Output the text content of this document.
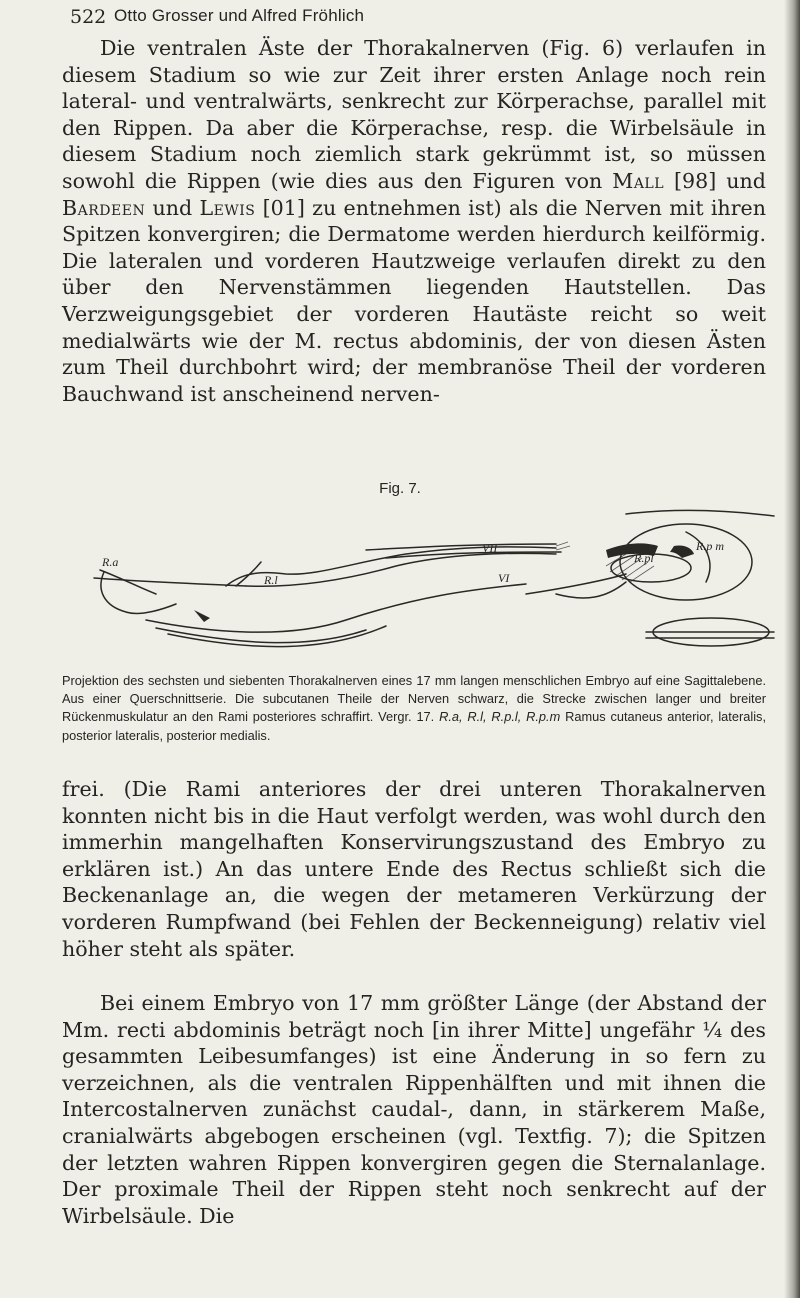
522 Otto Grosser und Alfred Fröhlich

Die ventralen Äste der Thorakalnerven (Fig. 6) verlaufen in diesem Stadium so wie zur Zeit ihrer ersten Anlage noch rein lateral- und ventralwärts, senkrecht zur Körperachse, parallel mit den Rippen. Da aber die Körperachse, resp. die Wirbelsäule in diesem Stadium noch ziemlich stark gekrümmt ist, so müssen sowohl die Rippen (wie dies aus den Figuren von Mall [98] und Bardeen und Lewis [01] zu entnehmen ist) als die Nerven mit ihren Spitzen konvergiren; die Dermatome werden hierdurch keilförmig. Die lateralen und vorderen Hautzweige verlaufen direkt zu den über den Nervenstämmen liegenden Hautstellen. Das Verzweigungsgebiet der vorderen Hautäste reicht so weit medialwärts wie der M. rectus abdominis, der von diesen Ästen zum Theil durchbohrt wird; der membranöse Theil der vorderen Bauchwand ist anscheinend nerven-

Fig. 7.
R.a
R.l
R.pl
R.p m
VII
VI

Projektion des sechsten und siebenten Thorakalnerven eines 17 mm langen menschlichen Embryo auf eine Sagittalebene. Aus einer Querschnittserie. Die subcutanen Theile der Nerven schwarz, die Strecke zwischen langer und breiter Rückenmuskulatur an den Rami posteriores schraffirt. Vergr. 17. R.a, R.l, R.p.l, R.p.m Ramus cutaneus anterior, lateralis, posterior lateralis, posterior medialis.

frei. (Die Rami anteriores der drei unteren Thorakalnerven konnten nicht bis in die Haut verfolgt werden, was wohl durch den immerhin mangelhaften Konservirungszustand des Embryo zu erklären ist.) An das untere Ende des Rectus schließt sich die Beckenanlage an, die wegen der metameren Verkürzung der vorderen Rumpfwand (bei Fehlen der Beckenneigung) relativ viel höher steht als später.

Bei einem Embryo von 17 mm größter Länge (der Abstand der Mm. recti abdominis beträgt noch [in ihrer Mitte] ungefähr ¼ des gesammten Leibesumfanges) ist eine Änderung in so fern zu verzeichnen, als die ventralen Rippenhälften und mit ihnen die Intercostalnerven zunächst caudal-, dann, in stärkerem Maße, cranialwärts abgebogen erscheinen (vgl. Textfig. 7); die Spitzen der letzten wahren Rippen konvergiren gegen die Sternalanlage. Der proximale Theil der Rippen steht noch senkrecht auf der Wirbelsäule. Die
